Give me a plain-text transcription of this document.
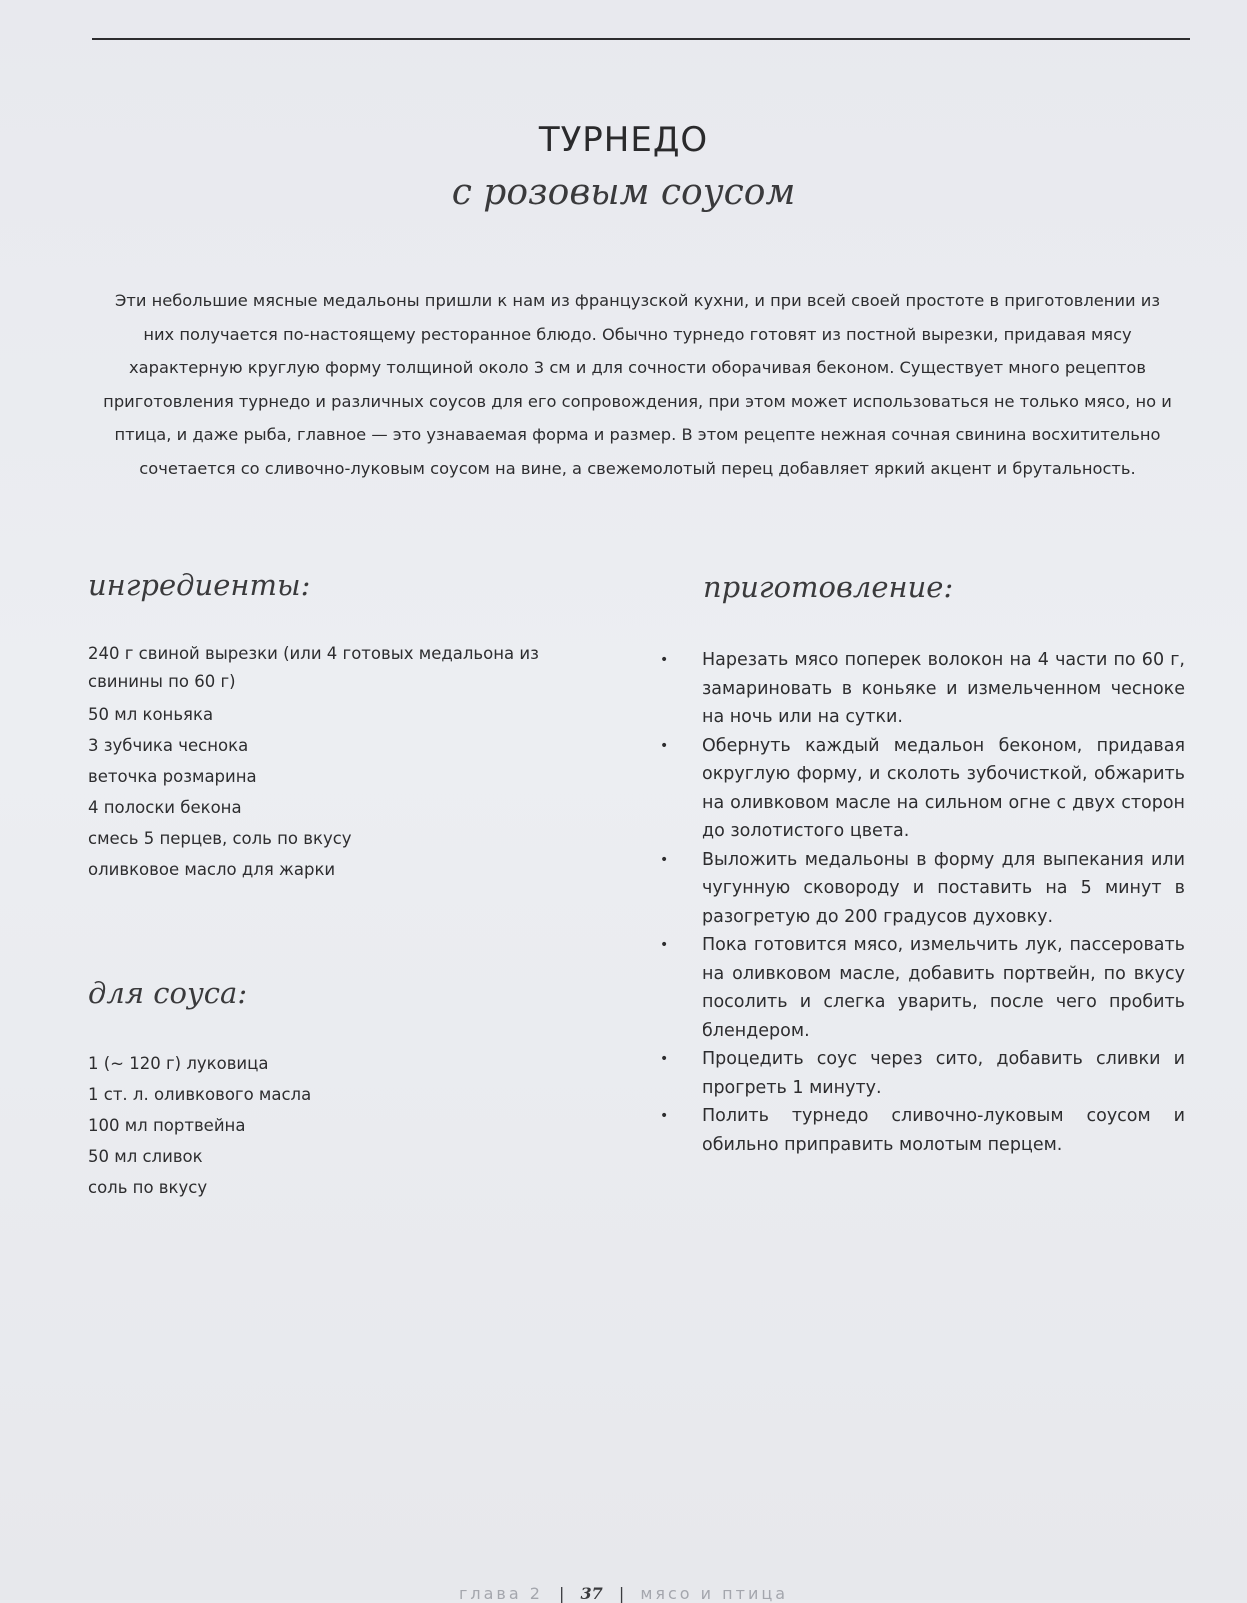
ТУРНЕДО
с розовым соусом

Эти небольшие мясные медальоны пришли к нам из французской кухни, и при всей своей простоте в приготовлении из них получается по-настоящему ресторанное блюдо. Обычно турнедо готовят из постной вырезки, придавая мясу характерную круглую форму толщиной около 3 см и для сочности оборачивая беконом. Существует много рецептов приготовления турнедо и различных соусов для его сопровождения, при этом может использоваться не только мясо, но и птица, и даже рыба, главное — это узнаваемая форма и размер. В этом рецепте нежная сочная свинина восхитительно сочетается со сливочно-луковым соусом на вине, а свежемолотый перец добавляет яркий акцент и брутальность.

ингредиенты:
240 г свиной вырезки (или 4 готовых медальона из свинины по 60 г)
50 мл коньяка
3 зубчика чеснока
веточка розмарина
4 полоски бекона
смесь 5 перцев, соль по вкусу
оливковое масло для жарки
для соуса:
1 (~ 120 г) луковица
1 ст. л. оливкового масла
100 мл портвейна
50 мл сливок
соль по вкусу
приготовление:
• Нарезать мясо поперек волокон на 4 части по 60 г, замариновать в коньяке и измельченном чесноке на ночь или на сутки.
• Обернуть каждый медальон беконом, придавая округлую форму, и сколоть зубочисткой, обжарить на оливковом масле на сильном огне с двух сторон до золотистого цвета.
• Выложить медальоны в форму для выпекания или чугунную сковороду и поставить на 5 минут в разогретую до 200 градусов духовку.
• Пока готовится мясо, измельчить лук, пассеровать на оливковом масле, добавить портвейн, по вкусу посолить и слегка уварить, после чего пробить блендером.
• Процедить соус через сито, добавить сливки и прогреть 1 минуту.
• Полить турнедо сливочно-луковым соусом и обильно приправить молотым перцем.
глава 2 | 37 | мясо и птица
